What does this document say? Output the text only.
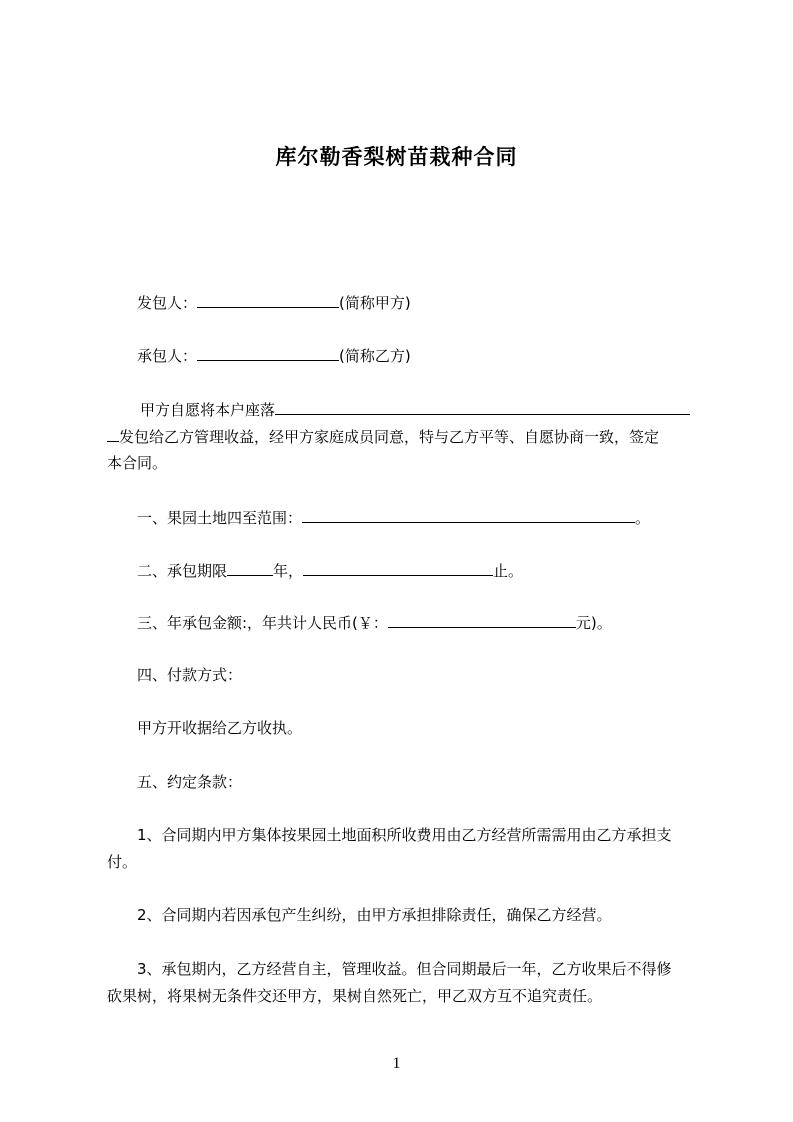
库尔勒香梨树苗栽种合同
发包人：	(简称甲方)
承包人：	(简称乙方)
甲方自愿将本户座落
发包给乙方管理收益，经甲方家庭成员同意，特与乙方平等、自愿协商一致，签定
本合同。
一、果园土地四至范围：	。
二、承包期限	年，	止。
三、年承包金额:，年共计人民币(￥：	元)。
四、付款方式：
甲方开收据给乙方收执。
五、约定条款：
1、合同期内甲方集体按果园土地面积所收费用由乙方经营所需需用由乙方承担支
付。
2、合同期内若因承包产生纠纷，由甲方承担排除责任，确保乙方经营。
3、承包期内，乙方经营自主，管理收益。但合同期最后一年，乙方收果后不得修
砍果树，将果树无条件交还甲方，果树自然死亡，甲乙双方互不追究责任。
1
